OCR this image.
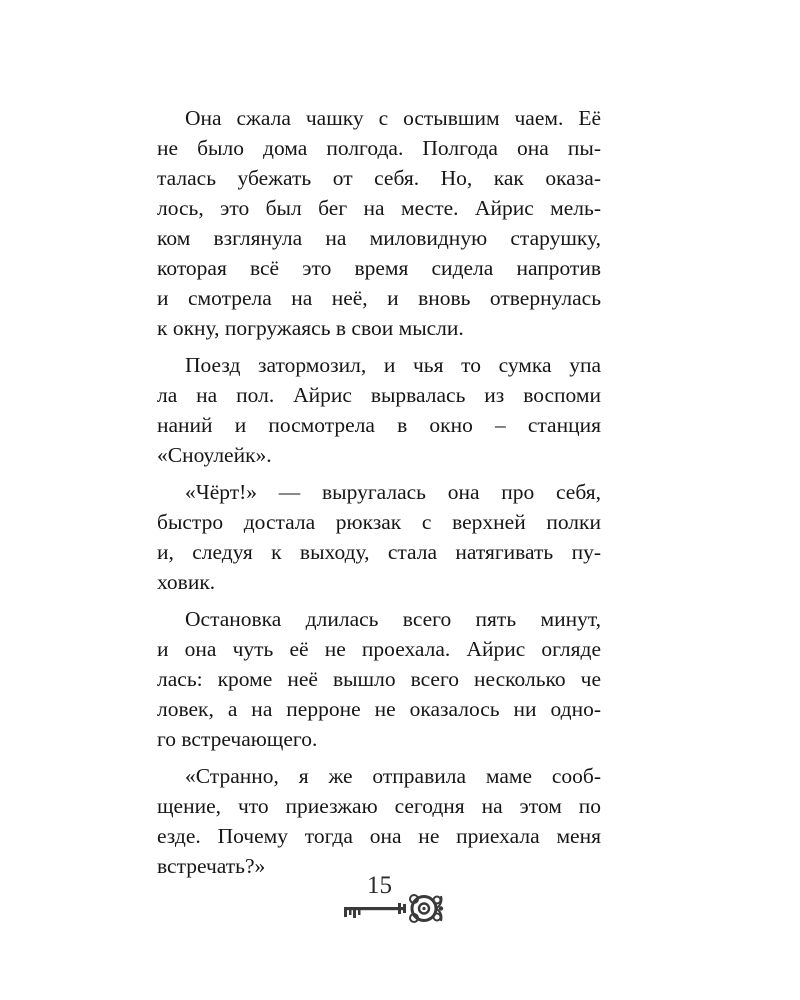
Она сжала чашку с остывшим чаем. Её
не было дома полгода. Полгода она пы-
талась убежать от себя. Но, как оказа-
лось, это был бег на месте. Айрис мель-
ком взглянула на миловидную старушку,
которая всё это время сидела напротив
и смотрела на неё, и вновь отвернулась
к окну, погружаясь в свои мысли.
Поезд затормозил, и чья то сумка упа
ла на пол. Айрис вырвалась из воспоми
наний и посмотрела в окно – станция
«Сноулейк».
«Чёрт!» — выругалась она про себя,
быстро достала рюкзак с верхней полки
и, следуя к выходу, стала натягивать пу-
ховик.
Остановка длилась всего пять минут,
и она чуть её не проехала. Айрис огляде
лась: кроме неё вышло всего несколько че
ловек, а на перроне не оказалось ни одно-
го встречающего.
«Странно, я же отправила маме сооб-
щение, что приезжаю сегодня на этом по
езде. Почему тогда она не приехала меня
встречать?»
15
